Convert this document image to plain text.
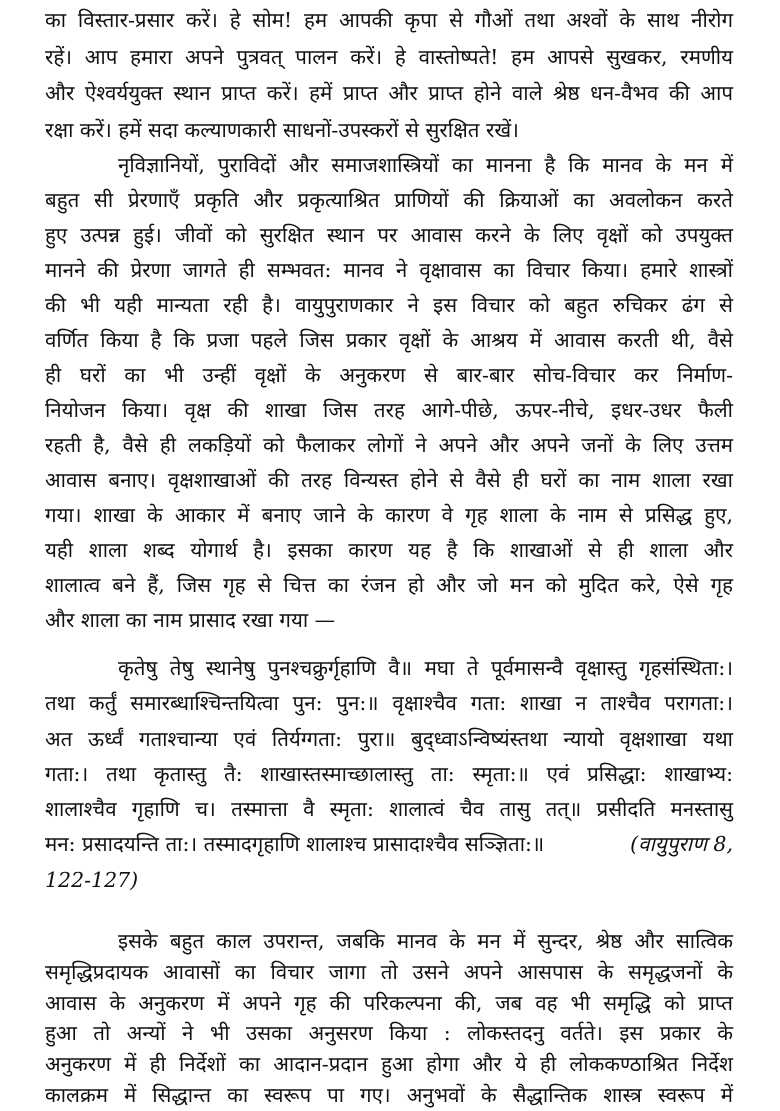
का विस्तार-प्रसार करें। हे सोम! हम आपकी कृपा से गौओं तथा अश्वों के साथ नीरोग
रहें। आप हमारा अपने पुत्रवत् पालन करें। हे वास्तोष्पते! हम आपसे सुखकर, रमणीय
और ऐश्वर्ययुक्त स्थान प्राप्त करें। हमें प्राप्त और प्राप्त होने वाले श्रेष्ठ धन-वैभव की आप
रक्षा करें। हमें सदा कल्याणकारी साधनों-उपस्करों से सुरक्षित रखें।
नृविज्ञानियों, पुराविदों और समाजशास्त्रियों का मानना है कि मानव के मन में
बहुत सी प्रेरणाएँ प्रकृति और प्रकृत्याश्रित प्राणियों की क्रियाओं का अवलोकन करते
हुए उत्पन्न हुई। जीवों को सुरक्षित स्थान पर आवास करने के लिए वृक्षों को उपयुक्त
मानने की प्रेरणा जागते ही सम्भवत: मानव ने वृक्षावास का विचार किया। हमारे शास्त्रों
की भी यही मान्यता रही है। वायुपुराणकार ने इस विचार को बहुत रुचिकर ढंग से
वर्णित किया है कि प्रजा पहले जिस प्रकार वृक्षों के आश्रय में आवास करती थी, वैसे
ही घरों का भी उन्हीं वृक्षों के अनुकरण से बार-बार सोच-विचार कर निर्माण-
नियोजन किया। वृक्ष की शाखा जिस तरह आगे-पीछे, ऊपर-नीचे, इधर-उधर फैली
रहती है, वैसे ही लकड़ियों को फैलाकर लोगों ने अपने और अपने जनों के लिए उत्तम
आवास बनाए। वृक्षशाखाओं की तरह विन्यस्त होने से वैसे ही घरों का नाम शाला रखा
गया। शाखा के आकार में बनाए जाने के कारण वे गृह शाला के नाम से प्रसिद्ध हुए,
यही शाला शब्द योगार्थ है। इसका कारण यह है कि शाखाओं से ही शाला और
शालात्व बने हैं, जिस गृह से चित्त का रंजन हो और जो मन को मुदित करे, ऐसे गृह
और शाला का नाम प्रासाद रखा गया —
कृतेषु तेषु स्थानेषु पुनश्चक्रुर्गृहाणि वै॥ मघा ते पूर्वमासन्वै वृक्षास्तु गृहसंस्थिता:।
तथा कर्तुं समारब्धाश्चिन्तयित्वा पुन: पुन:॥ वृक्षाश्चैव गता: शाखा न ताश्चैव परागता:।
अत ऊर्ध्वं गताश्चान्या एवं तिर्यग्गता: पुरा॥ बुद्ध्वाऽन्विष्यंस्तथा न्यायो वृक्षशाखा यथा
गता:। तथा कृतास्तु तै: शाखास्तस्माच्छालास्तु ता: स्मृता:॥ एवं प्रसिद्धा: शाखाभ्य:
शालाश्चैव गृहाणि च। तस्मात्ता वै स्मृता: शालात्वं चैव तासु तत्॥ प्रसीदति मनस्तासु
मन: प्रसादयन्ति ता:। तस्मादगृहाणि शालाश्च प्रासादाश्चैव सञ्ज्ञिता:॥	(वायुपुराण 8,
122-127)
इसके बहुत काल उपरान्त, जबकि मानव के मन में सुन्दर, श्रेष्ठ और सात्विक
समृद्धिप्रदायक आवासों का विचार जागा तो उसने अपने आसपास के समृद्धजनों के
आवास के अनुकरण में अपने गृह की परिकल्पना की, जब वह भी समृद्धि को प्राप्त
हुआ तो अन्यों ने भी उसका अनुसरण किया : लोकस्तदनु वर्तते। इस प्रकार के
अनुकरण में ही निर्देशों का आदान-प्रदान हुआ होगा और ये ही लोककण्ठाश्रित निर्देश
कालक्रम में सिद्धान्त का स्वरूप पा गए। अनुभवों के सैद्धान्तिक शास्त्र स्वरूप में
